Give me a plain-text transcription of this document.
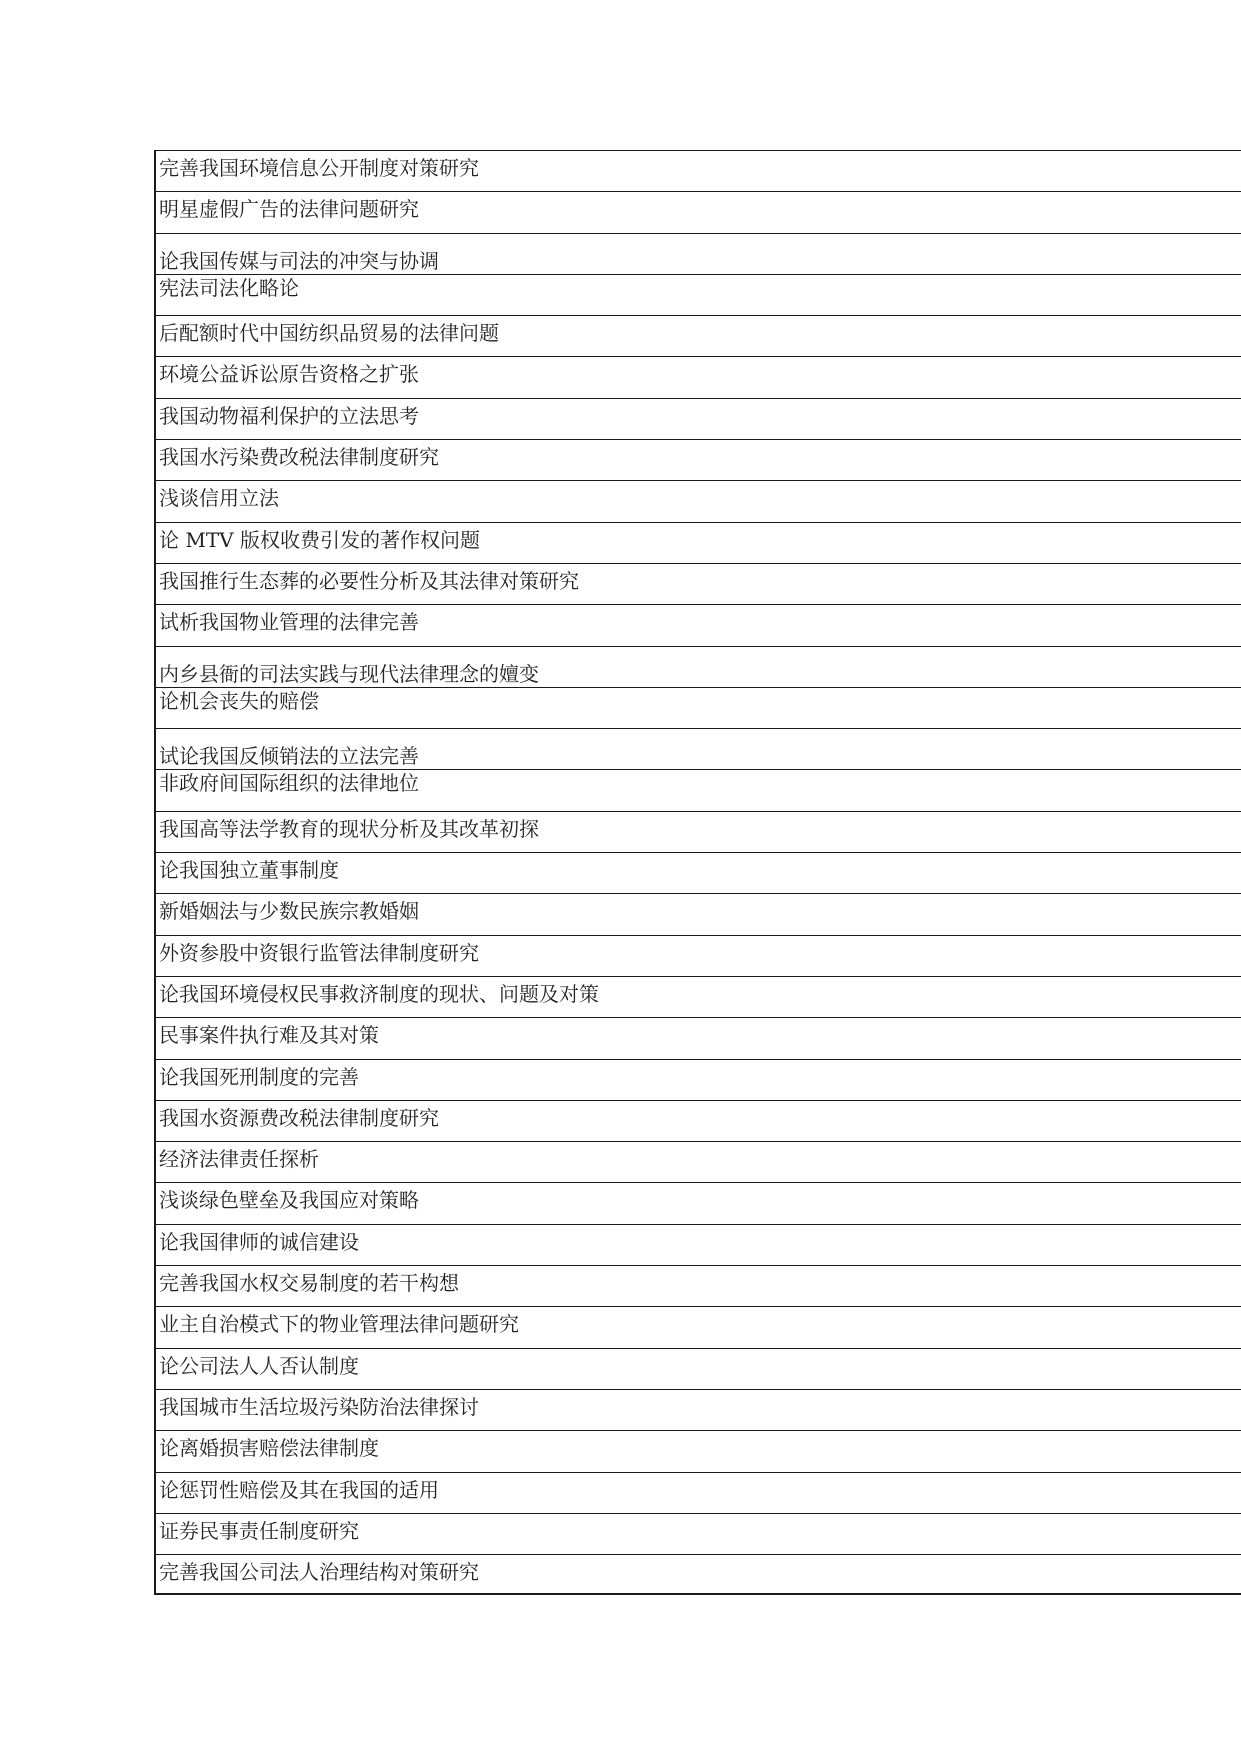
完善我国环境信息公开制度对策研究
明星虚假广告的法律问题研究
论我国传媒与司法的冲突与协调
宪法司法化略论
后配额时代中国纺织品贸易的法律问题
环境公益诉讼原告资格之扩张
我国动物福利保护的立法思考
我国水污染费改税法律制度研究
浅谈信用立法
论 MTV 版权收费引发的著作权问题
我国推行生态葬的必要性分析及其法律对策研究
试析我国物业管理的法律完善
内乡县衙的司法实践与现代法律理念的嬗变
论机会丧失的赔偿
试论我国反倾销法的立法完善
非政府间国际组织的法律地位
我国高等法学教育的现状分析及其改革初探
论我国独立董事制度
新婚姻法与少数民族宗教婚姻
外资参股中资银行监管法律制度研究
论我国环境侵权民事救济制度的现状、问题及对策
民事案件执行难及其对策
论我国死刑制度的完善
我国水资源费改税法律制度研究
经济法律责任探析
浅谈绿色壁垒及我国应对策略
论我国律师的诚信建设
完善我国水权交易制度的若干构想
业主自治模式下的物业管理法律问题研究
论公司法人人否认制度
我国城市生活垃圾污染防治法律探讨
论离婚损害赔偿法律制度
论惩罚性赔偿及其在我国的适用
证券民事责任制度研究
完善我国公司法人治理结构对策研究
